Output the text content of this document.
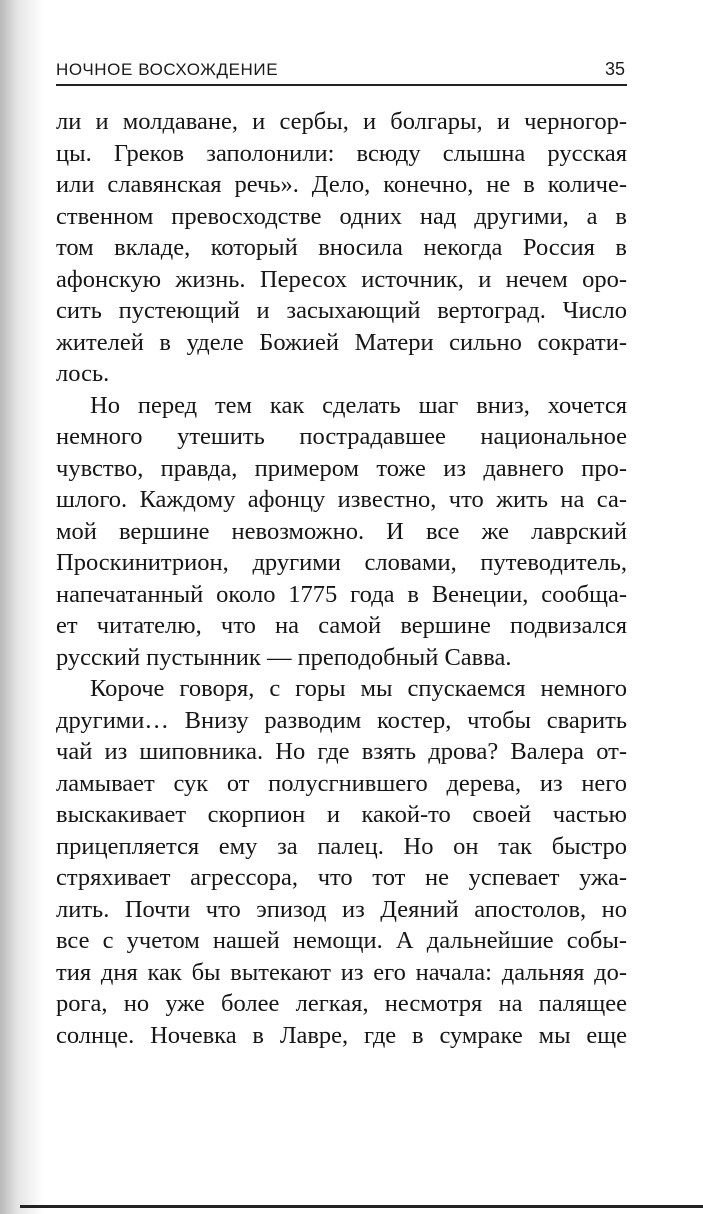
НОЧНОЕ ВОСХОЖДЕНИЕ	35
ли и молдаване, и сербы, и болгары, и черногор-
цы. Греков заполонили: всюду слышна русская
или славянская речь». Дело, конечно, не в количе-
ственном превосходстве одних над другими, а в
том вкладе, который вносила некогда Россия в
афонскую жизнь. Пересох источник, и нечем оро-
сить пустеющий и засыхающий вертоград. Число
жителей в уделе Божией Матери сильно сократи-
лось.
Но перед тем как сделать шаг вниз, хочется
немного утешить пострадавшее национальное
чувство, правда, примером тоже из давнего про-
шлого. Каждому афонцу известно, что жить на са-
мой вершине невозможно. И все же лаврский
Проскинитрион, другими словами, путеводитель,
напечатанный около 1775 года в Венеции, сообща-
ет читателю, что на самой вершине подвизался
русский пустынник — преподобный Савва.
Короче говоря, с горы мы спускаемся немного
другими… Внизу разводим костер, чтобы сварить
чай из шиповника. Но где взять дрова? Валера от-
ламывает сук от полусгнившего дерева, из него
выскакивает скорпион и какой-то своей частью
прицепляется ему за палец. Но он так быстро
стряхивает агрессора, что тот не успевает ужа-
лить. Почти что эпизод из Деяний апостолов, но
все с учетом нашей немощи. А дальнейшие собы-
тия дня как бы вытекают из его начала: дальняя до-
рога, но уже более легкая, несмотря на палящее
солнце. Ночевка в Лавре, где в сумраке мы еще
